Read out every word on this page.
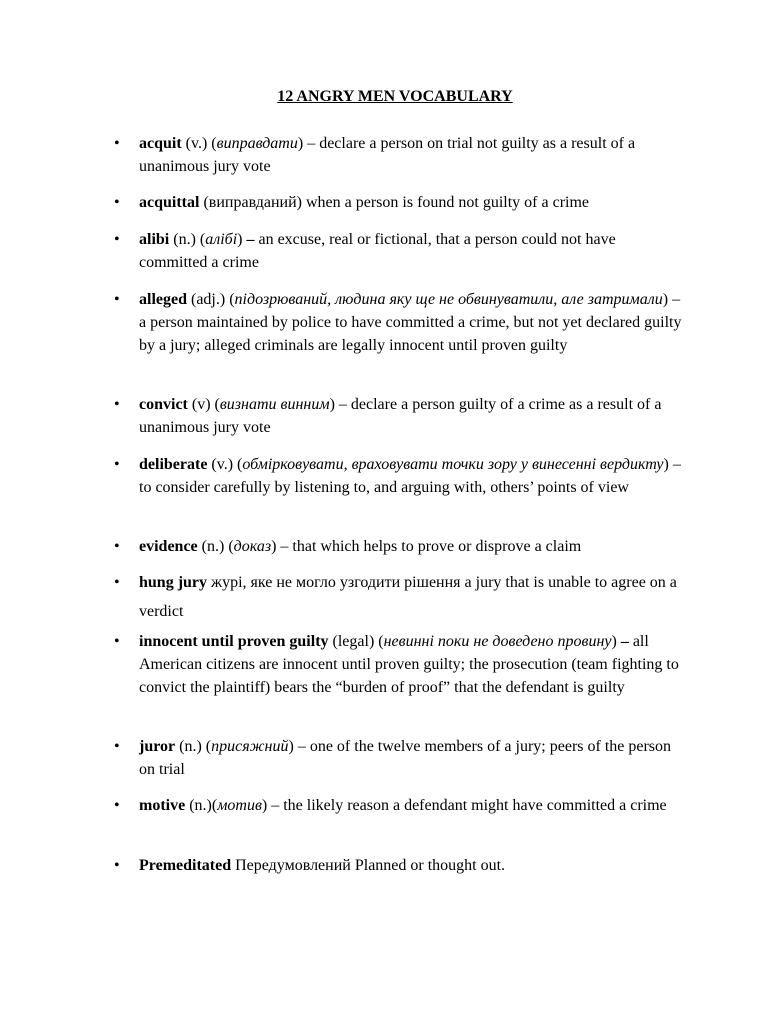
12 ANGRY MEN VOCABULARY
• acquit (v.) (виправдати) – declare a person on trial not guilty as a result of a unanimous jury vote
• acquittal (виправданий) when a person is found not guilty of a crime
• alibi (n.) (алібі) – an excuse, real or fictional, that a person could not have committed a crime
• alleged (adj.) (підозрюваний, людина яку ще не обвинуватили, але затримали) – a person maintained by police to have committed a crime, but not yet declared guilty by a jury; alleged criminals are legally innocent until proven guilty
• convict (v) (визнати винним) – declare a person guilty of a crime as a result of a unanimous jury vote
• deliberate (v.) (обмірковувати, враховувати точки зору у винесенні вердикту) – to consider carefully by listening to, and arguing with, others’ points of view
• evidence (n.) (доказ) – that which helps to prove or disprove a claim
• hung jury журі, яке не могло узгодити рішення a jury that is unable to agree on a verdict
• innocent until proven guilty (legal) (невинні поки не доведено провину) – all American citizens are innocent until proven guilty; the prosecution (team fighting to convict the plaintiff) bears the “burden of proof” that the defendant is guilty
• juror (n.) (присяжний) – one of the twelve members of a jury; peers of the person on trial
• motive (n.)(мотив) – the likely reason a defendant might have committed a crime
• Premeditated Передумовлений Planned or thought out.
